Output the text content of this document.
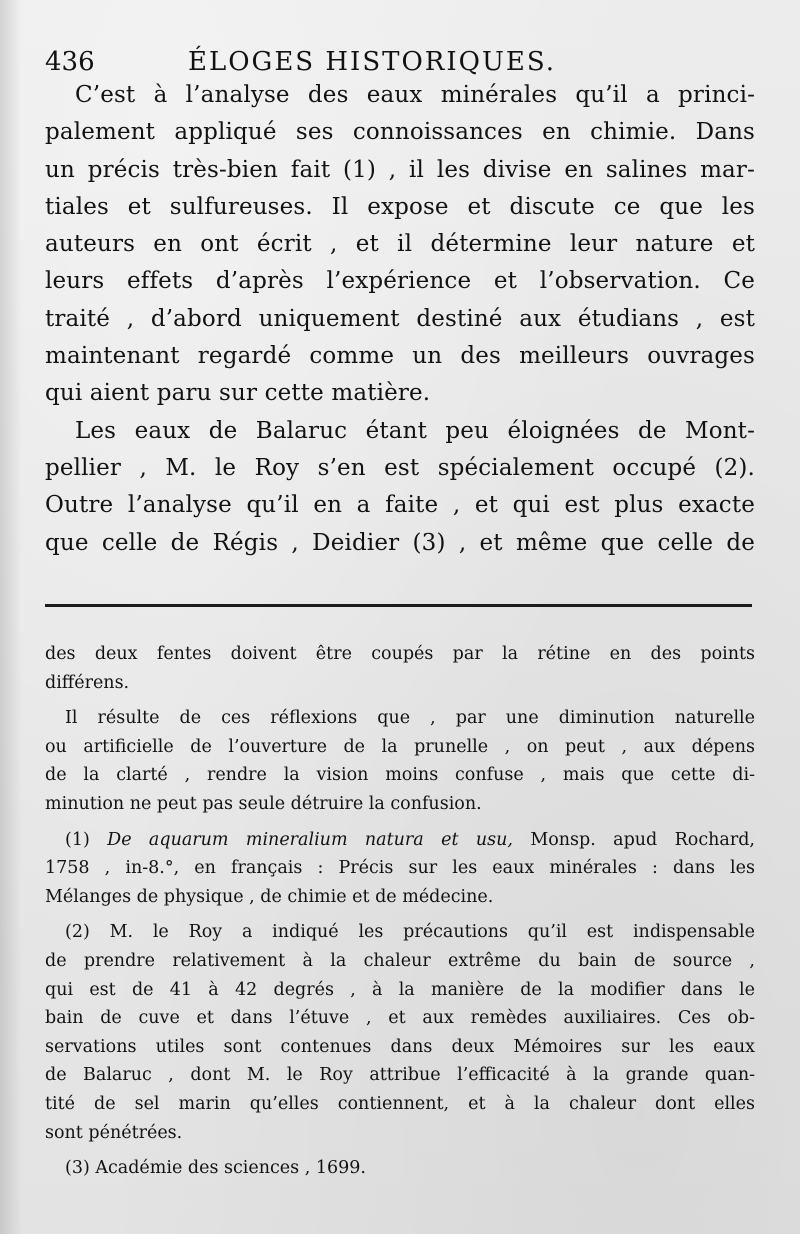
436	ÉLOGES HISTORIQUES.
C’est à l’analyse des eaux minérales qu’il a princi-
palement appliqué ses connoissances en chimie. Dans
un précis très-bien fait (1) , il les divise en salines mar-
tiales et sulfureuses. Il expose et discute ce que les
auteurs en ont écrit , et il détermine leur nature et
leurs effets d’après l’expérience et l’observation. Ce
traité , d’abord uniquement destiné aux étudians , est
maintenant regardé comme un des meilleurs ouvrages
qui aient paru sur cette matière.
Les eaux de Balaruc étant peu éloignées de Mont-
pellier , M. le Roy s’en est spécialement occupé (2).
Outre l’analyse qu’il en a faite , et qui est plus exacte
que celle de Régis , Deidier (3) , et même que celle de
des deux fentes doivent être coupés par la rétine en des points
différens.
Il résulte de ces réflexions que , par une diminution naturelle
ou artificielle de l’ouverture de la prunelle , on peut , aux dépens
de la clarté , rendre la vision moins confuse , mais que cette di-
minution ne peut pas seule détruire la confusion.
(1) De aquarum mineralium natura et usu, Monsp. apud Rochard,
1758 , in-8.°, en français : Précis sur les eaux minérales : dans les
Mélanges de physique , de chimie et de médecine.
(2) M. le Roy a indiqué les précautions qu’il est indispensable
de prendre relativement à la chaleur extrême du bain de source ,
qui est de 41 à 42 degrés , à la manière de la modifier dans le
bain de cuve et dans l’étuve , et aux remèdes auxiliaires. Ces ob-
servations utiles sont contenues dans deux Mémoires sur les eaux
de Balaruc , dont M. le Roy attribue l’efficacité à la grande quan-
tité de sel marin qu’elles contiennent, et à la chaleur dont elles
sont pénétrées.
(3) Académie des sciences , 1699.
